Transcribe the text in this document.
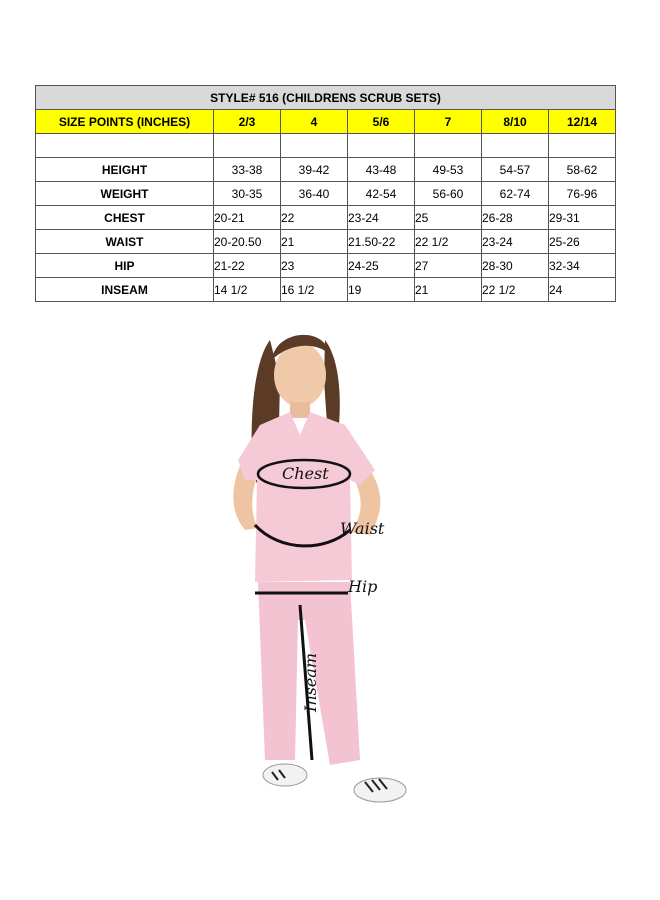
STYLE# 516 (CHILDRENS SCRUB SETS)						
SIZE POINTS (INCHES)	2/3	4	5/6	7	8/10	12/14

HEIGHT	33-38	39-42	43-48	49-53	54-57	58-62
WEIGHT	30-35	36-40	42-54	56-60	62-74	76-96
CHEST	20-21	22	23-24	25	26-28	29-31
WAIST	20-20.50	21	21.50-22	22 1/2	23-24	25-26
HIP	21-22	23	24-25	27	28-30	32-34
INSEAM	14 1/2	16 1/2	19	21	22 1/2	24
Chest
Waist
Hip
Inseam
